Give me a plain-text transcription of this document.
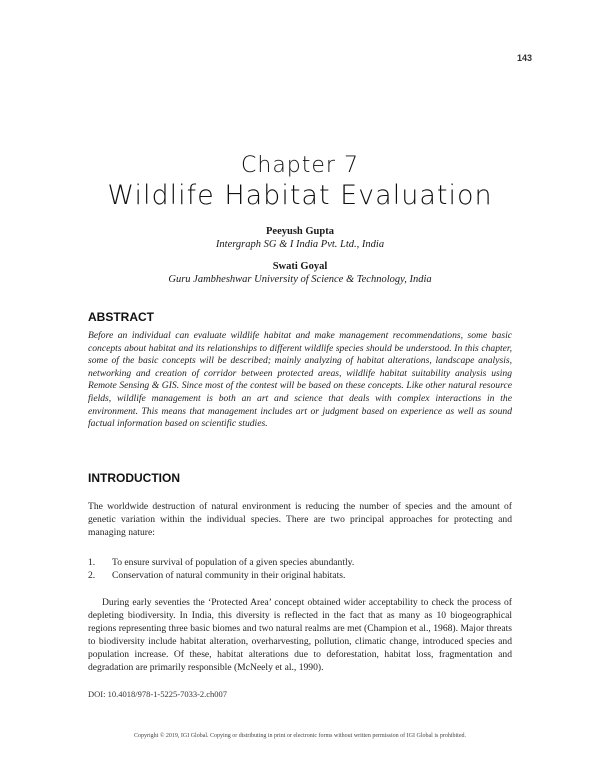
143
Chapter 7
Wildlife Habitat Evaluation
Peeyush Gupta
Intergraph SG & I India Pvt. Ltd., India
Swati Goyal
Guru Jambheshwar University of Science & Technology, India
ABSTRACT
Before an individual can evaluate wildlife habitat and make management recommendations, some basic concepts about habitat and its relationships to different wildlife species should be understood. In this chapter, some of the basic concepts will be described; mainly analyzing of habitat alterations, landscape analysis, networking and creation of corridor between protected areas, wildlife habitat suitability analysis using Remote Sensing & GIS. Since most of the contest will be based on these concepts. Like other natural resource fields, wildlife management is both an art and science that deals with complex interactions in the environment. This means that management includes art or judgment based on experience as well as sound factual information based on scientific studies.
INTRODUCTION

The worldwide destruction of natural environment is reducing the number of species and the amount of genetic variation within the individual species. There are two principal approaches for protecting and managing nature:

1.	To ensure survival of population of a given species abundantly.
2.	Conservation of natural community in their original habitats.

During early seventies the ‘Protected Area’ concept obtained wider acceptability to check the process of depleting biodiversity. In India, this diversity is reflected in the fact that as many as 10 biogeographical regions representing three basic biomes and two natural realms are met (Champion et al., 1968). Major threats to biodiversity include habitat alteration, overharvesting, pollution, climatic change, introduced species and population increase. Of these, habitat alterations due to deforestation, habitat loss, fragmentation and degradation are primarily responsible (McNeely et al., 1990).

DOI: 10.4018/978-1-5225-7033-2.ch007
Copyright © 2019, IGI Global. Copying or distributing in print or electronic forms without written permission of IGI Global is prohibited.
